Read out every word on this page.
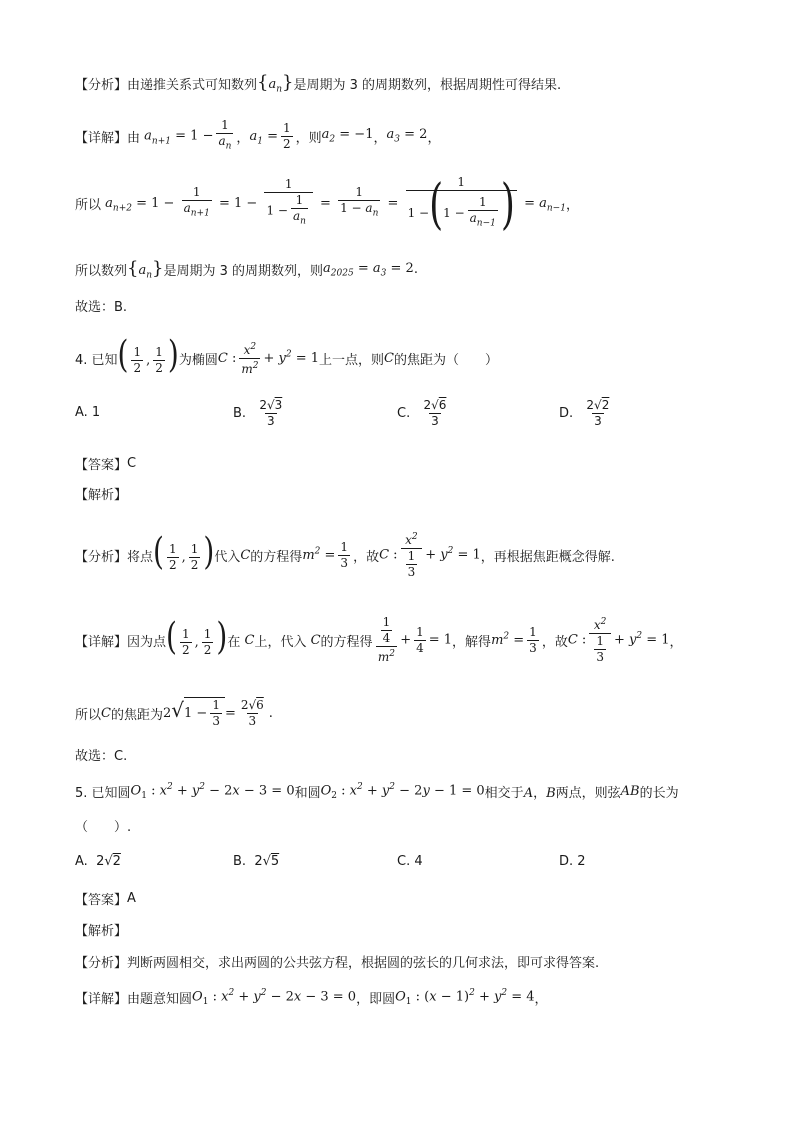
【分析】 由递推关系式可知数列 $\{a_n\}$ 是周期为 3 的周期数列，根据周期性可得结果.
【详解】 由 $a_{n+1} = 1 - \frac{1}{a_n}$ ， $a_1 = \frac{1}{2}$ ，则 $a_2 = -1$ ， $a_3 = 2$ ，
所以 $a_{n+2} = 1 - \frac{1}{a_{n+1}} = 1 - \frac{1}{1 - \frac{1}{a_n}} = \frac{1}{1 - a_n} = \frac{1}{1 -(1 - \frac{1}{a_{n-1}} )} = a_{n-1}$ ，
所以数列 $\{a_n\}$ 是周期为 3 的周期数列，则 $a_{2025} = a_3 = 2$ .
故选：B.
4. 已知 ( $\frac{1}{2}$ , $\frac{1}{2}$ ) 为椭圆 C : $\frac{x^2}{m^2} + y^2 = 1$ 上一点，则 C 的焦距为（　　）
A. 1	B.
$\frac{2√3}{3}$	C.
$\frac{2√6}{3}$	D.
$\frac{2√2}{3}$
【答案】 C
【解析】
【分析】 将点 ( $\frac{1}{2}$ , $\frac{1}{2}$ ) 代入 C 的方程得 $m^2 = \frac{1}{3}$ ，故 C : $\frac{x^2}{\frac{1}{3}} + y^2 = 1$ ，再根据焦距概念得解.
【详解】 因为点 ( $\frac{1}{2}$ , $\frac{1}{2}$ ) 在 C 上，代入 C 的方程得 $\frac{\frac{1}{4}}{m^2} + \frac{1}{4} = 1$ ，解得 $m^2 = \frac{1}{3}$ ，故 C : $\frac{x^2}{\frac{1}{3}} + y^2 = 1$ ，
所以 C 的焦距为 2√ $1 - \frac{1}{3} = \frac{2√6}{3}$ .
故选：C.
5. 已知圆 $O_1$ : $x^2 + y^2 - 2x - 3 = 0$ 和圆 $O_2$ : $x^2 + y^2 - 2y - 1 = 0$ 相交于 A，B 两点，则弦 AB 的长为
（　　）.
A.
2√2	B.
2√5	C. 4	D. 2
【答案】 A
【解析】
【分析】 判断两圆相交，求出两圆的公共弦方程，根据圆的弦长的几何求法，即可求得答案.
【详解】 由题意知圆 $O_1$ : $x^2 + y^2 - 2x - 3 = 0$ ，即圆 $O_1$ : $(x - 1)^2 + y^2 = 4$ ，
